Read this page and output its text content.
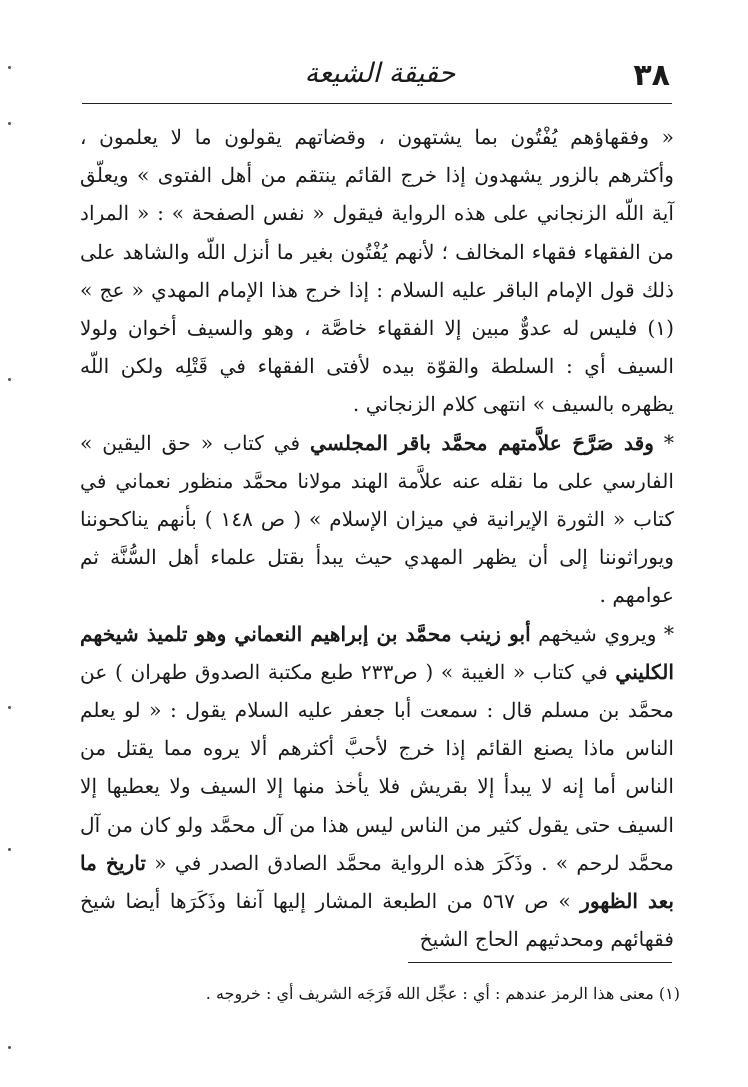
٣٨
حقيقة الشيعة

« وفقهاؤهم يُفْتُون بما يشتهون ، وقضاتهم يقولون ما لا يعلمون ، وأكثرهم بالزور يشهدون إذا خرج القائم ينتقم من أهل الفتوى » ويعلّق آية اللّه الزنجاني على هذه الرواية فيقول « نفس الصفحة » : « المراد من الفقهاء فقهاء المخالف ؛ لأنهم يُفْتُون بغير ما أنزل اللّه والشاهد على ذلك قول الإمام الباقر عليه السلام : إذا خرج هذا الإمام المهدي « عج » (١) فليس له عدوٌّ مبين إلا الفقهاء خاصَّة ، وهو والسيف أخوان ولولا السيف أي : السلطة والقوّة بيده لأفتى الفقهاء في قَتْلِه ولكن اللّه يظهره بالسيف » انتهى كلام الزنجاني .

* وقد صَرَّحَ علاَّمتهم محمَّد باقر المجلسي في كتاب « حق اليقين » الفارسي على ما نقله عنه علاَّمة الهند مولانا محمَّد منظور نعماني في كتاب « الثورة الإيرانية في ميزان الإسلام » ( ص ١٤٨ ) بأنهم يناكحوننا ويوراثوننا إلى أن يظهر المهدي حيث يبدأ بقتل علماء أهل السُّنَّة ثم عوامهم .

* ويروي شيخهم أبو زينب محمَّد بن إبراهيم النعماني وهو تلميذ شيخهم الكليني في كتاب « الغيبة » ( ص٢٣٣ طبع مكتبة الصدوق طهران ) عن محمَّد بن مسلم قال : سمعت أبا جعفر عليه السلام يقول : « لو يعلم الناس ماذا يصنع القائم إذا خرج لأحبَّ أكثرهم ألا يروه مما يقتل من الناس أما إنه لا يبدأ إلا بقريش فلا يأخذ منها إلا السيف ولا يعطيها إلا السيف حتى يقول كثير من الناس ليس هذا من آل محمَّد ولو كان من آل محمَّد لرحم » . وذَكَرَ هذه الرواية محمَّد الصادق الصدر في « تاريخ ما بعد الظهور » ص ٥٦٧ من الطبعة المشار إليها آنفا وذَكَرَها أيضا شيخ فقهائهم ومحدثيهم الحاج الشيخ

(١) معنى هذا الرمز عندهم : أي : عجِّل الله فَرَجَه الشريف أي : خروجه .
